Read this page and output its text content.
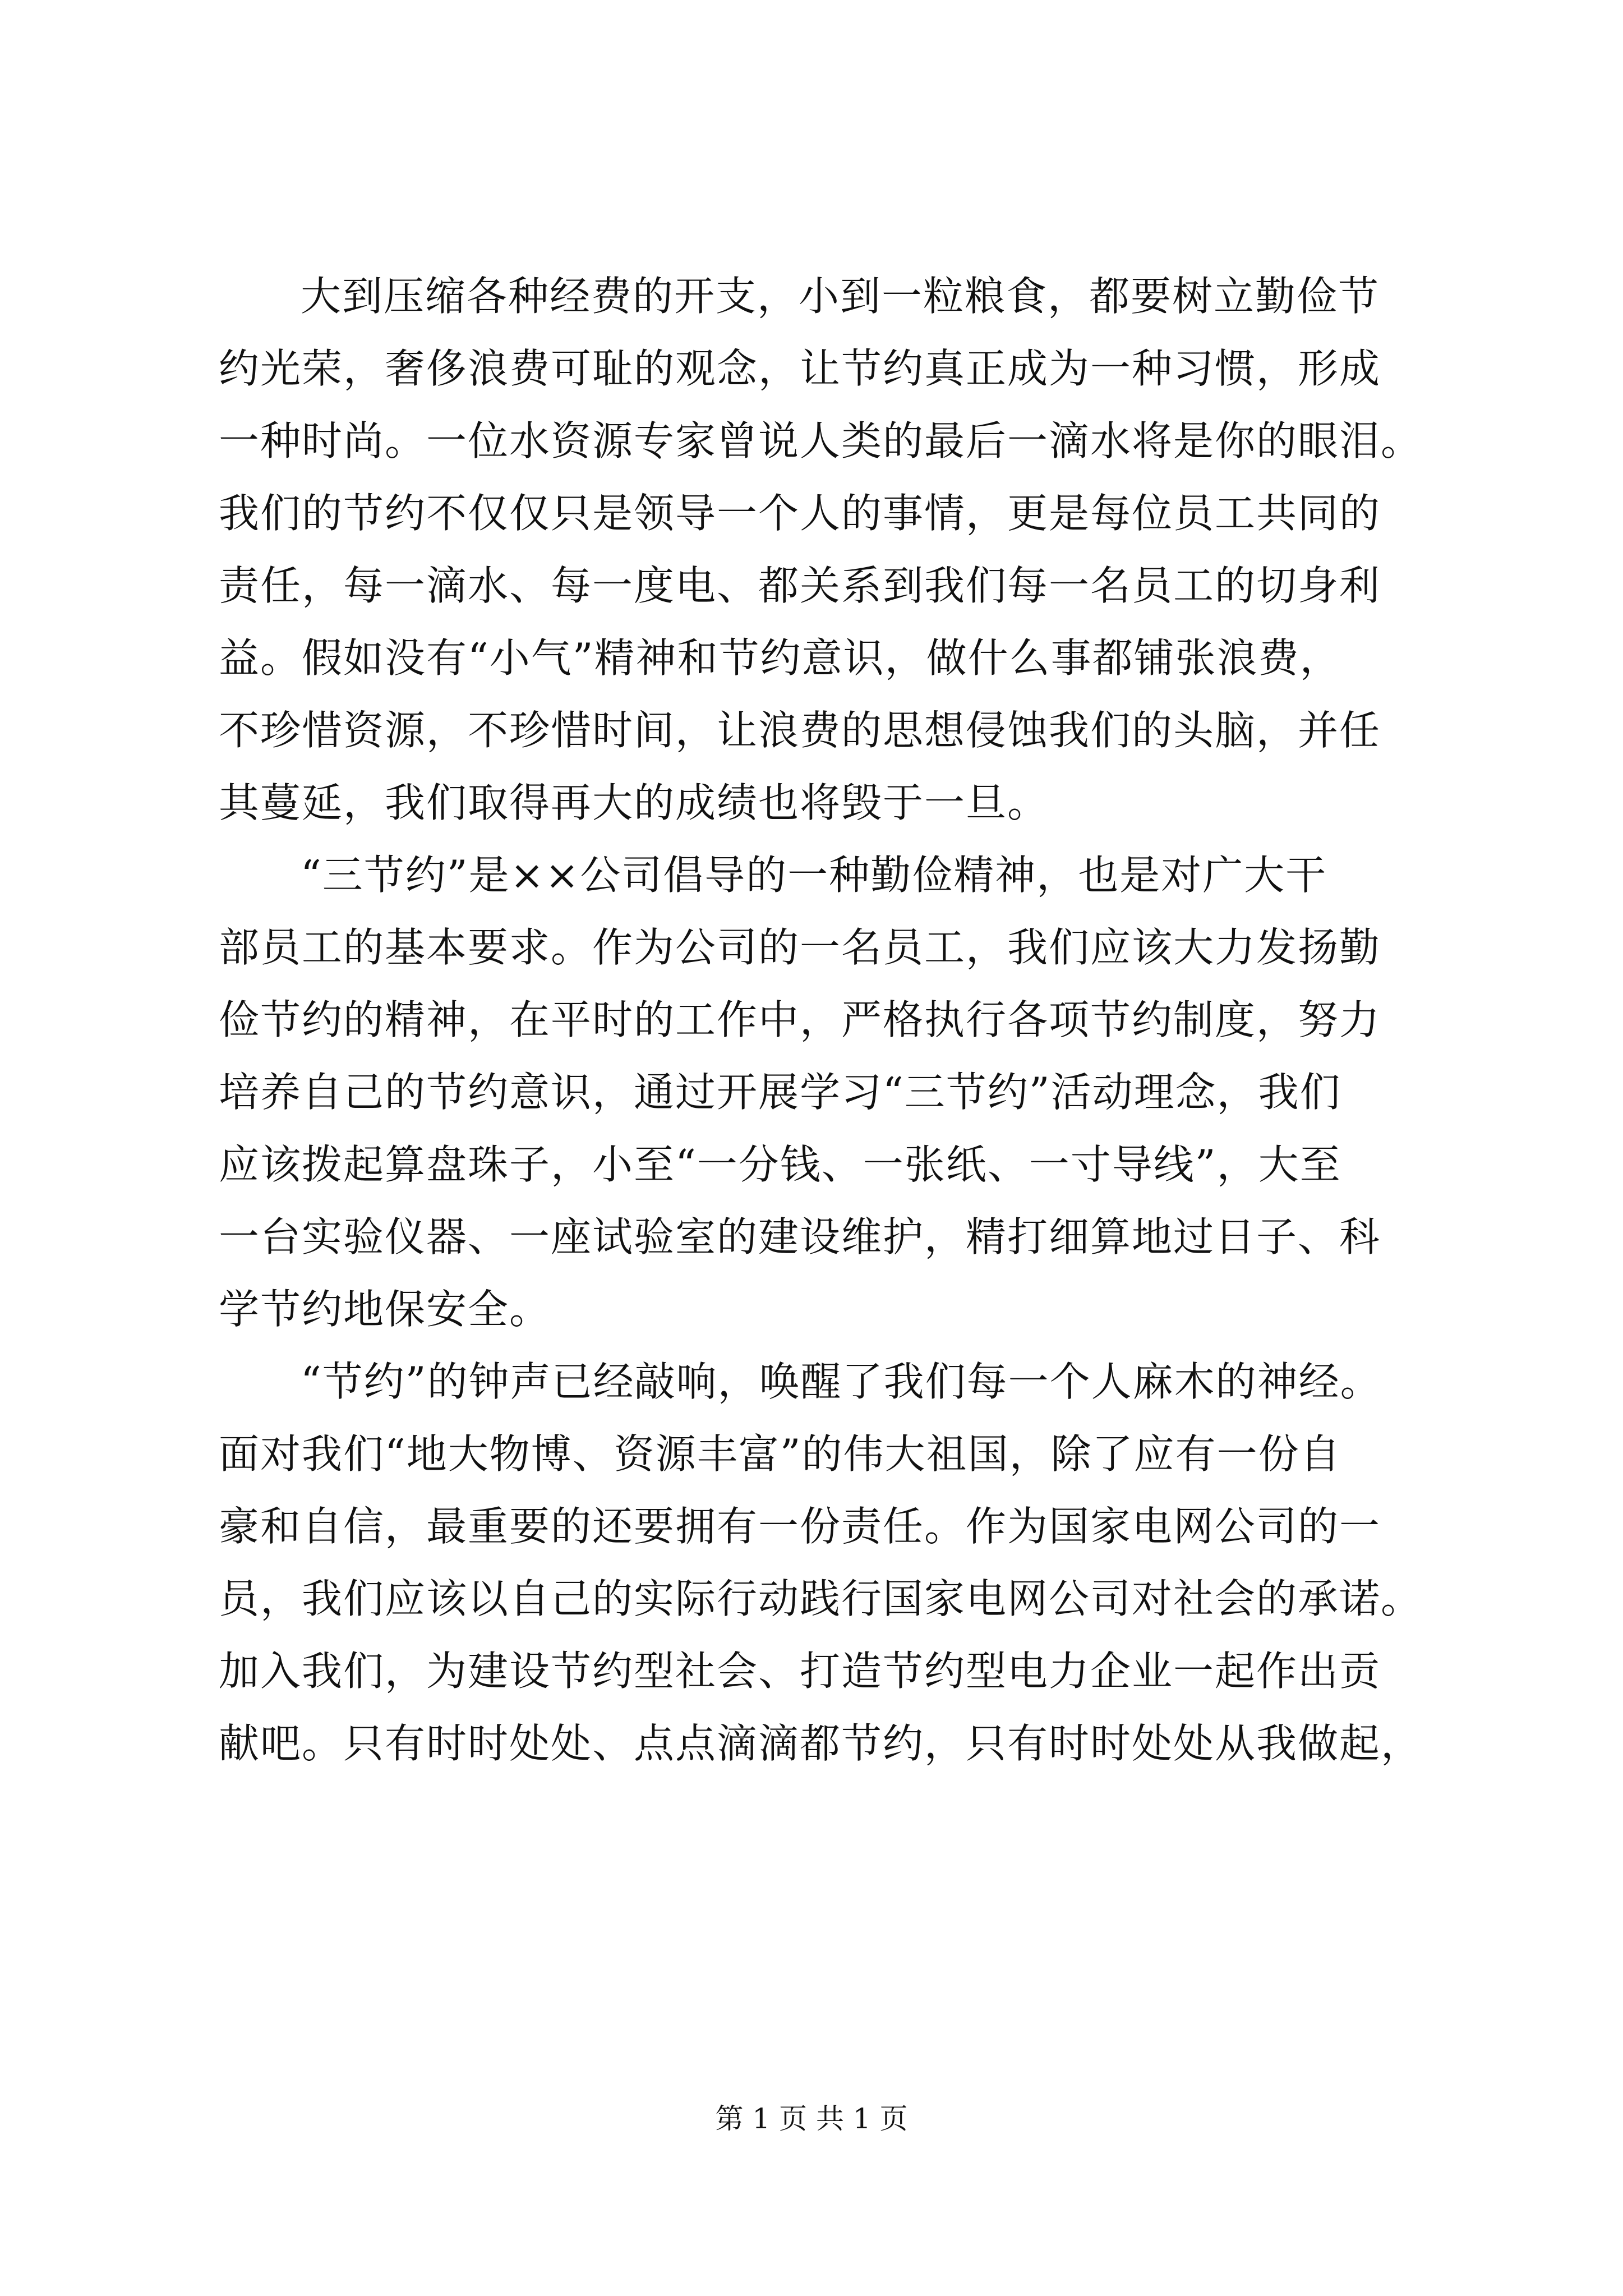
大到压缩各种经费的开支，小到一粒粮食，都要树立勤俭节
约光荣，奢侈浪费可耻的观念，让节约真正成为一种习惯，形成
一种时尚。一位水资源专家曾说人类的最后一滴水将是你的眼泪。
我们的节约不仅仅只是领导一个人的事情，更是每位员工共同的
责任，每一滴水、每一度电、都关系到我们每一名员工的切身利
益。假如没有“小气”精神和节约意识，做什么事都铺张浪费，
不珍惜资源，不珍惜时间，让浪费的思想侵蚀我们的头脑，并任
其蔓延，我们取得再大的成绩也将毁于一旦。
“三节约”是××公司倡导的一种勤俭精神，也是对广大干
部员工的基本要求。作为公司的一名员工，我们应该大力发扬勤
俭节约的精神，在平时的工作中，严格执行各项节约制度，努力
培养自己的节约意识，通过开展学习“三节约”活动理念，我们
应该拨起算盘珠子，小至“一分钱、一张纸、一寸导线”，大至
一台实验仪器、一座试验室的建设维护，精打细算地过日子、科
学节约地保安全。
“节约”的钟声已经敲响，唤醒了我们每一个人麻木的神经。
面对我们“地大物博、资源丰富”的伟大祖国，除了应有一份自
豪和自信，最重要的还要拥有一份责任。作为国家电网公司的一
员，我们应该以自己的实际行动践行国家电网公司对社会的承诺。
加入我们，为建设节约型社会、打造节约型电力企业一起作出贡
献吧。只有时时处处、点点滴滴都节约，只有时时处处从我做起，
第 1 页 共 1 页
